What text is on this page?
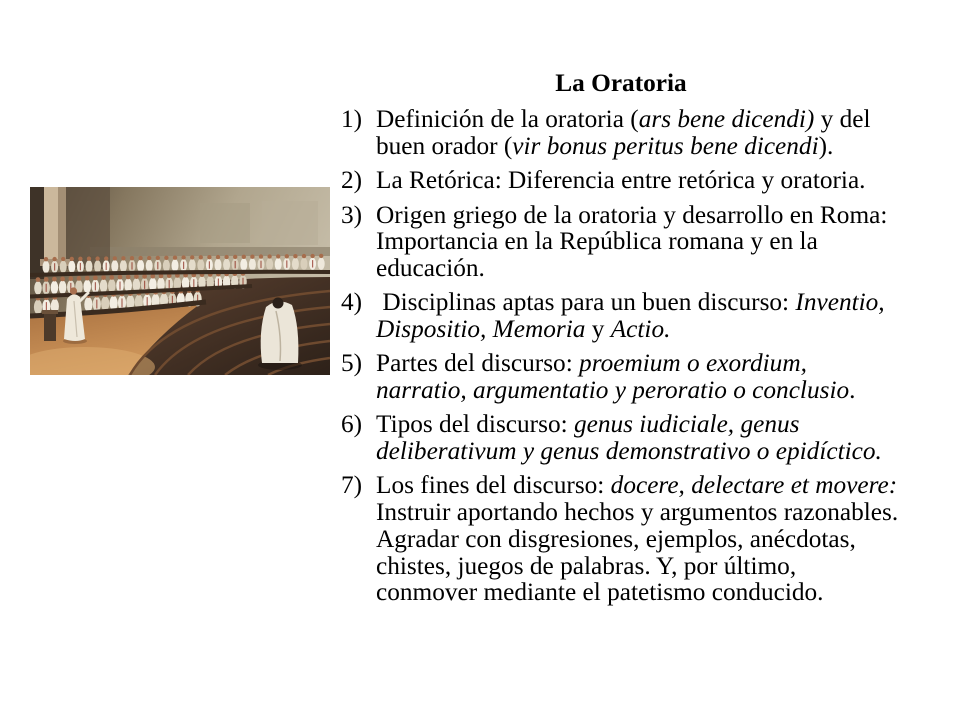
La Oratoria
1) Definición de la oratoria (ars bene dicendi) y del
buen orador (vir bonus peritus bene dicendi).
2) La Retórica: Diferencia entre retórica y oratoria.
3) Origen griego de la oratoria y desarrollo en Roma:
Importancia en la República romana y en la
educación.
4) Disciplinas aptas para un buen discurso: Inventio,
Dispositio, Memoria y Actio.
5) Partes del discurso: proemium o exordium,
narratio, argumentatio y peroratio o conclusio.
6) Tipos del discurso: genus iudiciale, genus
deliberativum y genus demonstrativo o epidíctico.
7) Los fines del discurso: docere, delectare et movere:
Instruir aportando hechos y argumentos razonables.
Agradar con disgresiones, ejemplos, anécdotas,
chistes, juegos de palabras. Y, por último,
conmover mediante el patetismo conducido.
